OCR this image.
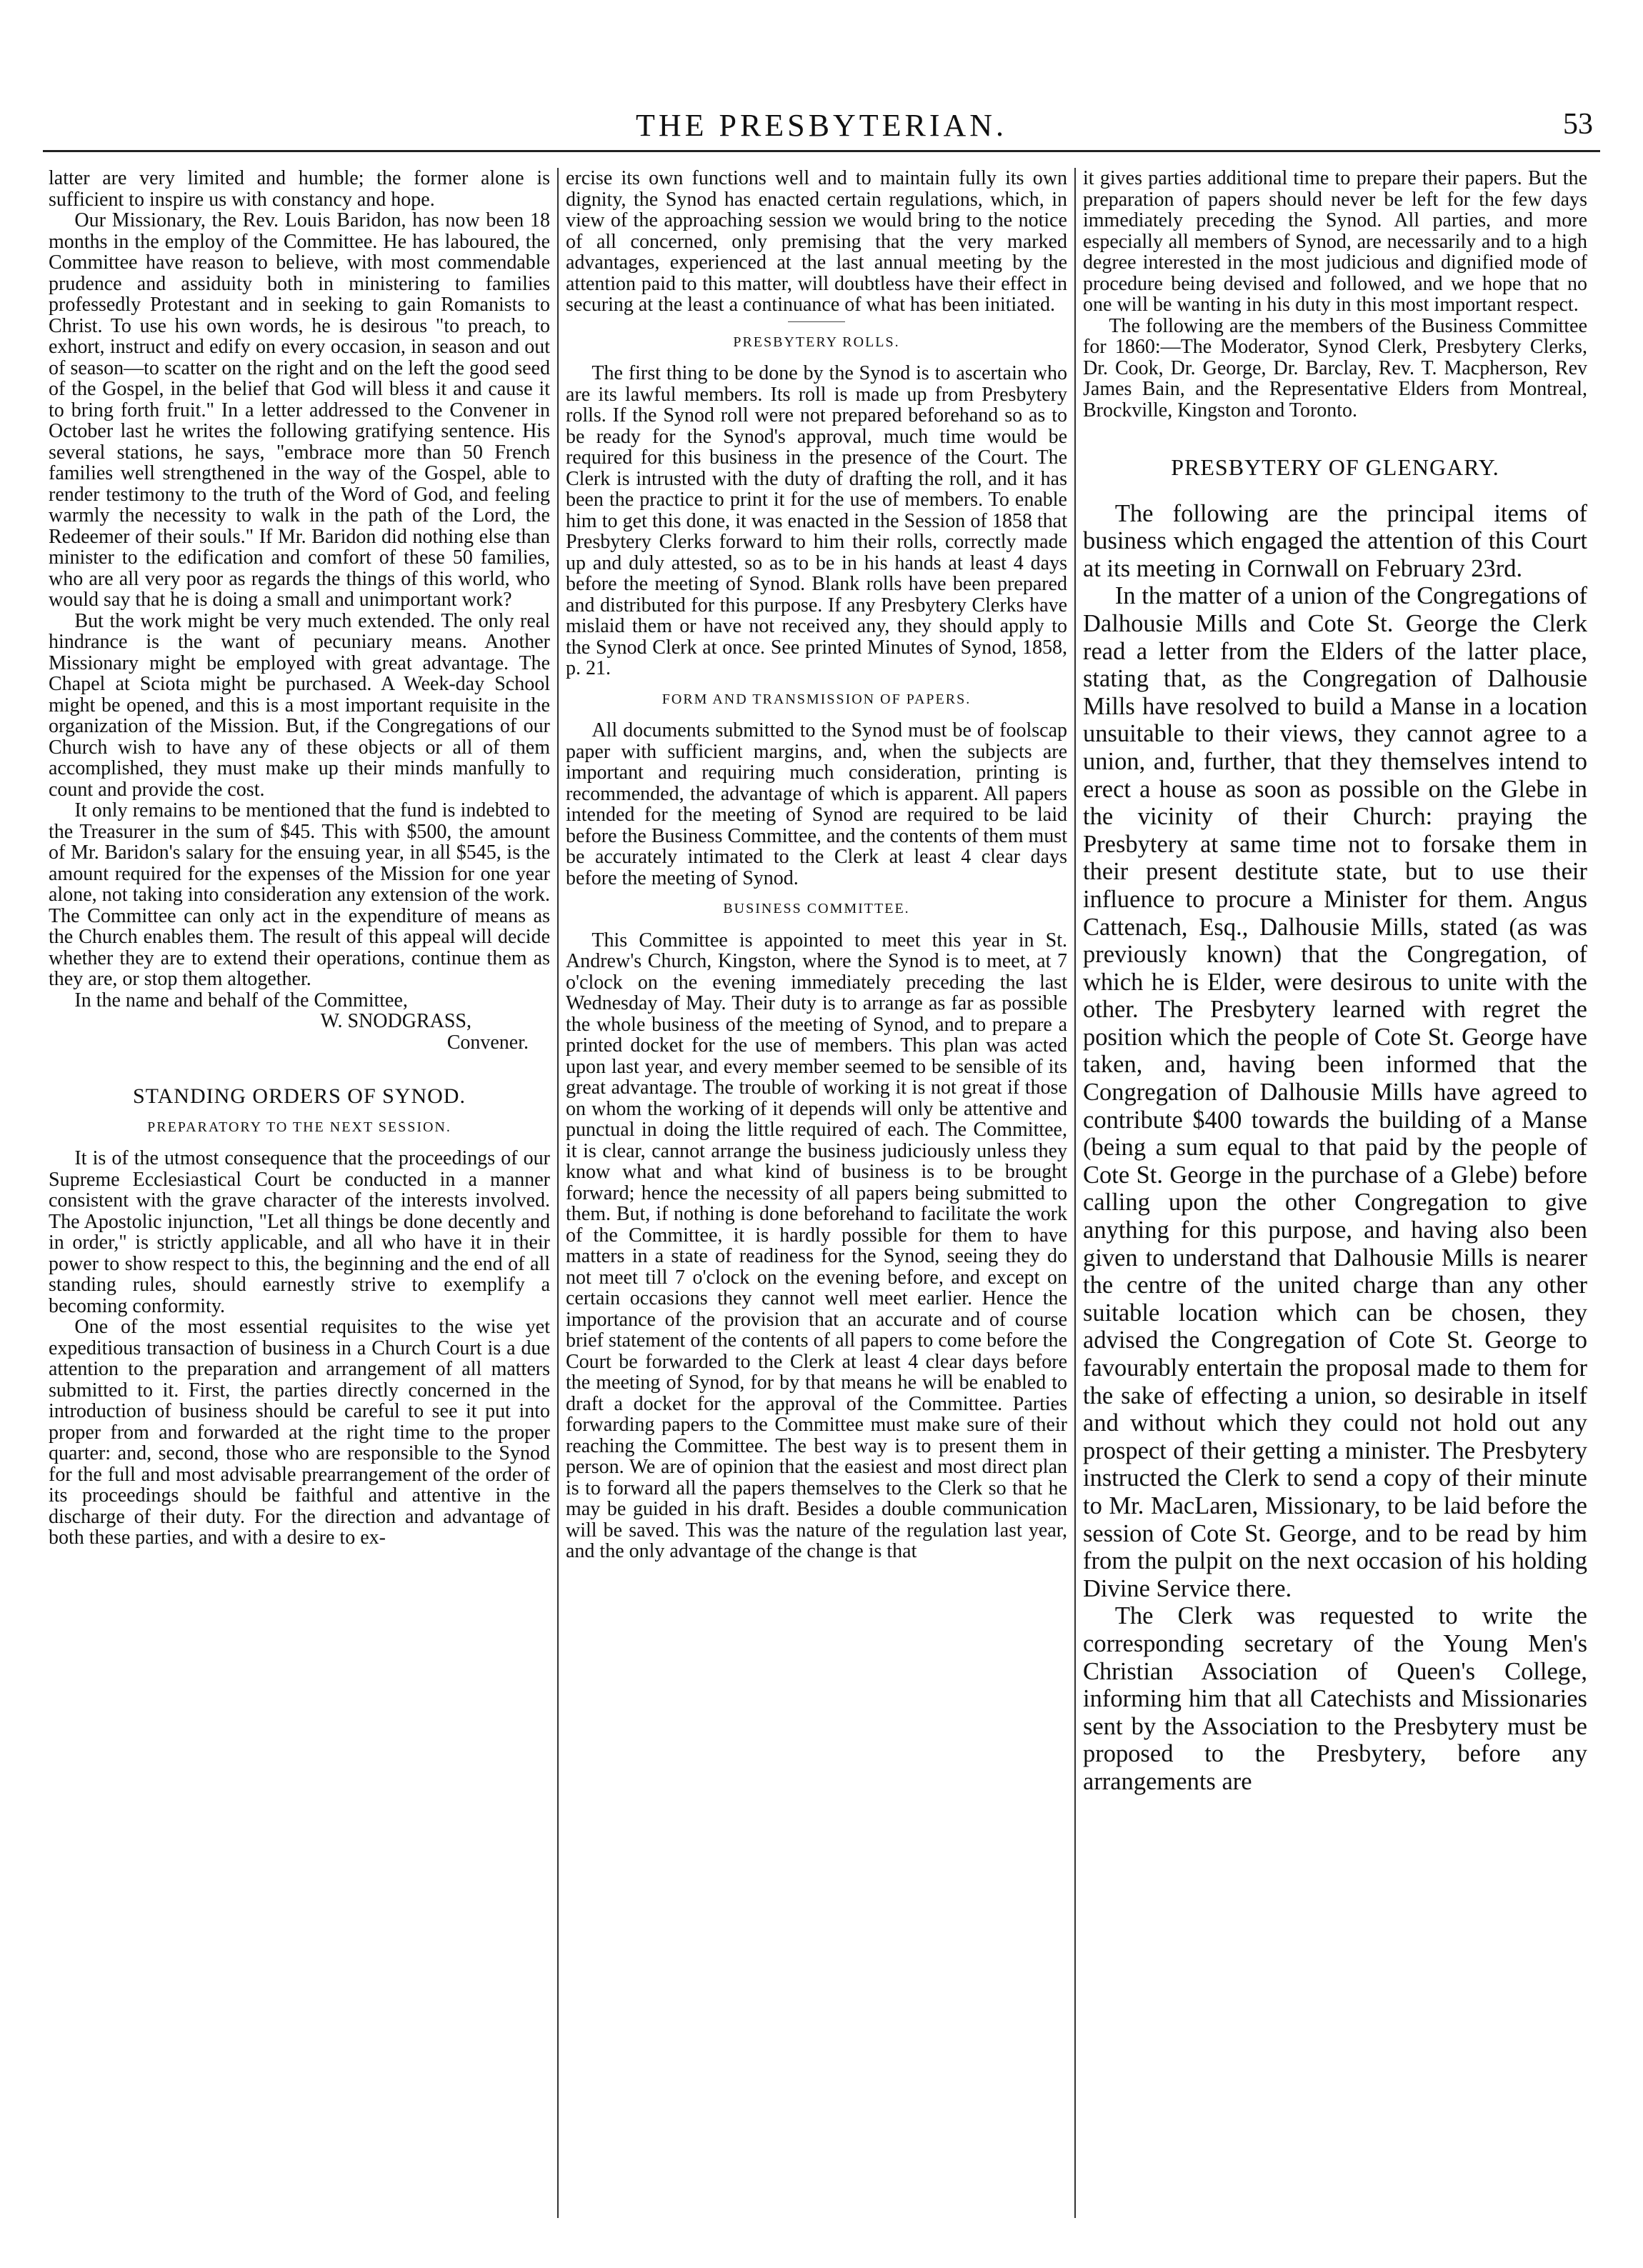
THE PRESBYTERIAN.	53

latter are very limited and humble; the former alone is sufficient to inspire us with constancy and hope.

Our Missionary, the Rev. Louis Baridon, has now been 18 months in the employ of the Committee. He has laboured, the Committee have reason to believe, with most commendable prudence and assiduity both in ministering to families professedly Protestant and in seeking to gain Romanists to Christ. To use his own words, he is desirous "to preach, to exhort, instruct and edify on every occasion, in season and out of season—to scatter on the right and on the left the good seed of the Gospel, in the belief that God will bless it and cause it to bring forth fruit." In a letter addressed to the Convener in October last he writes the following gratifying sentence. His several stations, he says, "embrace more than 50 French families well strengthened in the way of the Gospel, able to render testimony to the truth of the Word of God, and feeling warmly the necessity to walk in the path of the Lord, the Redeemer of their souls." If Mr. Baridon did nothing else than minister to the edification and comfort of these 50 families, who are all very poor as regards the things of this world, who would say that he is doing a small and unimportant work?

But the work might be very much extended. The only real hindrance is the want of pecuniary means. Another Missionary might be employed with great advantage. The Chapel at Sciota might be purchased. A Week-day School might be opened, and this is a most important requisite in the organization of the Mission. But, if the Congregations of our Church wish to have any of these objects or all of them accomplished, they must make up their minds manfully to count and provide the cost.

It only remains to be mentioned that the fund is indebted to the Treasurer in the sum of $45. This with $500, the amount of Mr. Baridon's salary for the ensuing year, in all $545, is the amount required for the expenses of the Mission for one year alone, not taking into consideration any extension of the work. The Committee can only act in the expenditure of means as the Church enables them. The result of this appeal will decide whether they are to extend their operations, continue them as they are, or stop them altogether.

In the name and behalf of the Committee,

W. SNODGRASS,

Convener.

STANDING ORDERS OF SYNOD.

PREPARATORY TO THE NEXT SESSION.

It is of the utmost consequence that the proceedings of our Supreme Ecclesiastical Court be conducted in a manner consistent with the grave character of the interests involved. The Apostolic injunction, "Let all things be done decently and in order," is strictly applicable, and all who have it in their power to show respect to this, the beginning and the end of all standing rules, should earnestly strive to exemplify a becoming conformity.

One of the most essential requisites to the wise yet expeditious transaction of business in a Church Court is a due attention to the preparation and arrangement of all matters submitted to it. First, the parties directly concerned in the introduction of business should be careful to see it put into proper from and forwarded at the right time to the proper quarter: and, second, those who are responsible to the Synod for the full and most advisable prearrangement of the order of its proceedings should be faithful and attentive in the discharge of their duty. For the direction and advantage of both these parties, and with a desire to ex-

ercise its own functions well and to maintain fully its own dignity, the Synod has enacted certain regulations, which, in view of the approaching session we would bring to the notice of all concerned, only premising that the very marked advantages, experienced at the last annual meeting by the attention paid to this matter, will doubtless have their effect in securing at the least a continuance of what has been initiated.

PRESBYTERY ROLLS.

The first thing to be done by the Synod is to ascertain who are its lawful members. Its roll is made up from Presbytery rolls. If the Synod roll were not prepared beforehand so as to be ready for the Synod's approval, much time would be required for this business in the presence of the Court. The Clerk is intrusted with the duty of drafting the roll, and it has been the practice to print it for the use of members. To enable him to get this done, it was enacted in the Session of 1858 that Presbytery Clerks forward to him their rolls, correctly made up and duly attested, so as to be in his hands at least 4 days before the meeting of Synod. Blank rolls have been prepared and distributed for this purpose. If any Presbytery Clerks have mislaid them or have not received any, they should apply to the Synod Clerk at once. See printed Minutes of Synod, 1858, p. 21.

FORM AND TRANSMISSION OF PAPERS.

All documents submitted to the Synod must be of foolscap paper with sufficient margins, and, when the subjects are important and requiring much consideration, printing is recommended, the advantage of which is apparent. All papers intended for the meeting of Synod are required to be laid before the Business Committee, and the contents of them must be accurately intimated to the Clerk at least 4 clear days before the meeting of Synod.

BUSINESS COMMITTEE.

This Committee is appointed to meet this year in St. Andrew's Church, Kingston, where the Synod is to meet, at 7 o'clock on the evening immediately preceding the last Wednesday of May. Their duty is to arrange as far as possible the whole business of the meeting of Synod, and to prepare a printed docket for the use of members. This plan was acted upon last year, and every member seemed to be sensible of its great advantage. The trouble of working it is not great if those on whom the working of it depends will only be attentive and punctual in doing the little required of each. The Committee, it is clear, cannot arrange the business judiciously unless they know what and what kind of business is to be brought forward; hence the necessity of all papers being submitted to them. But, if nothing is done beforehand to facilitate the work of the Committee, it is hardly possible for them to have matters in a state of readiness for the Synod, seeing they do not meet till 7 o'clock on the evening before, and except on certain occasions they cannot well meet earlier. Hence the importance of the provision that an accurate and of course brief statement of the contents of all papers to come before the Court be forwarded to the Clerk at least 4 clear days before the meeting of Synod, for by that means he will be enabled to draft a docket for the approval of the Committee. Parties forwarding papers to the Committee must make sure of their reaching the Committee. The best way is to present them in person. We are of opinion that the easiest and most direct plan is to forward all the papers themselves to the Clerk so that he may be guided in his draft. Besides a double communication will be saved. This was the nature of the regulation last year, and the only advantage of the change is that

it gives parties additional time to prepare their papers. But the preparation of papers should never be left for the few days immediately preceding the Synod. All parties, and more especially all members of Synod, are necessarily and to a high degree interested in the most judicious and dignified mode of procedure being devised and followed, and we hope that no one will be wanting in his duty in this most important respect.

The following are the members of the Business Committee for 1860:—The Moderator, Synod Clerk, Presbytery Clerks, Dr. Cook, Dr. George, Dr. Barclay, Rev. T. Macpherson, Rev James Bain, and the Representative Elders from Montreal, Brockville, Kingston and Toronto.

PRESBYTERY OF GLENGARY.

The following are the principal items of business which engaged the attention of this Court at its meeting in Cornwall on February 23rd.

In the matter of a union of the Congregations of Dalhousie Mills and Cote St. George the Clerk read a letter from the Elders of the latter place, stating that, as the Congregation of Dalhousie Mills have resolved to build a Manse in a location unsuitable to their views, they cannot agree to a union, and, further, that they themselves intend to erect a house as soon as possible on the Glebe in the vicinity of their Church: praying the Presbytery at same time not to forsake them in their present destitute state, but to use their influence to procure a Minister for them. Angus Cattenach, Esq., Dalhousie Mills, stated (as was previously known) that the Congregation, of which he is Elder, were desirous to unite with the other. The Presbytery learned with regret the position which the people of Cote St. George have taken, and, having been informed that the Congregation of Dalhousie Mills have agreed to contribute $400 towards the building of a Manse (being a sum equal to that paid by the people of Cote St. George in the purchase of a Glebe) before calling upon the other Congregation to give anything for this purpose, and having also been given to understand that Dalhousie Mills is nearer the centre of the united charge than any other suitable location which can be chosen, they advised the Congregation of Cote St. George to favourably entertain the proposal made to them for the sake of effecting a union, so desirable in itself and without which they could not hold out any prospect of their getting a minister. The Presbytery instructed the Clerk to send a copy of their minute to Mr. MacLaren, Missionary, to be laid before the session of Cote St. George, and to be read by him from the pulpit on the next occasion of his holding Divine Service there.

The Clerk was requested to write the corresponding secretary of the Young Men's Christian Association of Queen's College, informing him that all Catechists and Missionaries sent by the Association to the Presbytery must be proposed to the Presbytery, before any arrangements are
